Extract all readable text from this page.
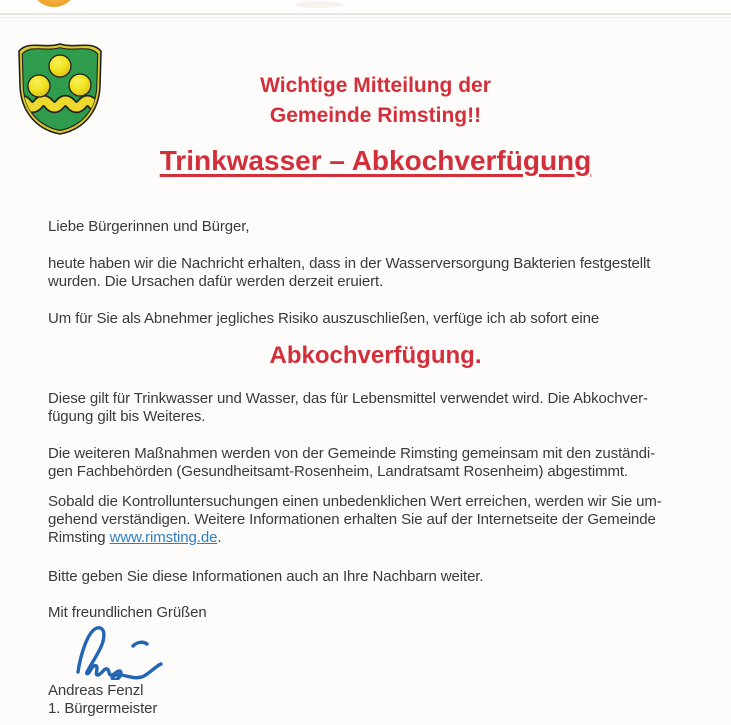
Wichtige Mitteilung der
Gemeinde Rimsting!!
Trinkwasser – Abkochverfügung

Liebe Bürgerinnen und Bürger,

heute haben wir die Nachricht erhalten, dass in der Wasserversorgung Bakterien festgestellt
wurden. Die Ursachen dafür werden derzeit eruiert.

Um für Sie als Abnehmer jegliches Risiko auszuschließen, verfüge ich ab sofort eine

Abkochverfügung.

Diese gilt für Trinkwasser und Wasser, das für Lebensmittel verwendet wird. Die Abkochver-
fügung gilt bis Weiteres.

Die weiteren Maßnahmen werden von der Gemeinde Rimsting gemeinsam mit den zuständi-
gen Fachbehörden (Gesundheitsamt-Rosenheim, Landratsamt Rosenheim) abgestimmt.

Sobald die Kontrolluntersuchungen einen unbedenklichen Wert erreichen, werden wir Sie um-
gehend verständigen. Weitere Informationen erhalten Sie auf der Internetseite der Gemeinde
Rimsting www.rimsting.de.

Bitte geben Sie diese Informationen auch an Ihre Nachbarn weiter.

Mit freundlichen Grüßen

Andreas Fenzl
1. Bürgermeister
